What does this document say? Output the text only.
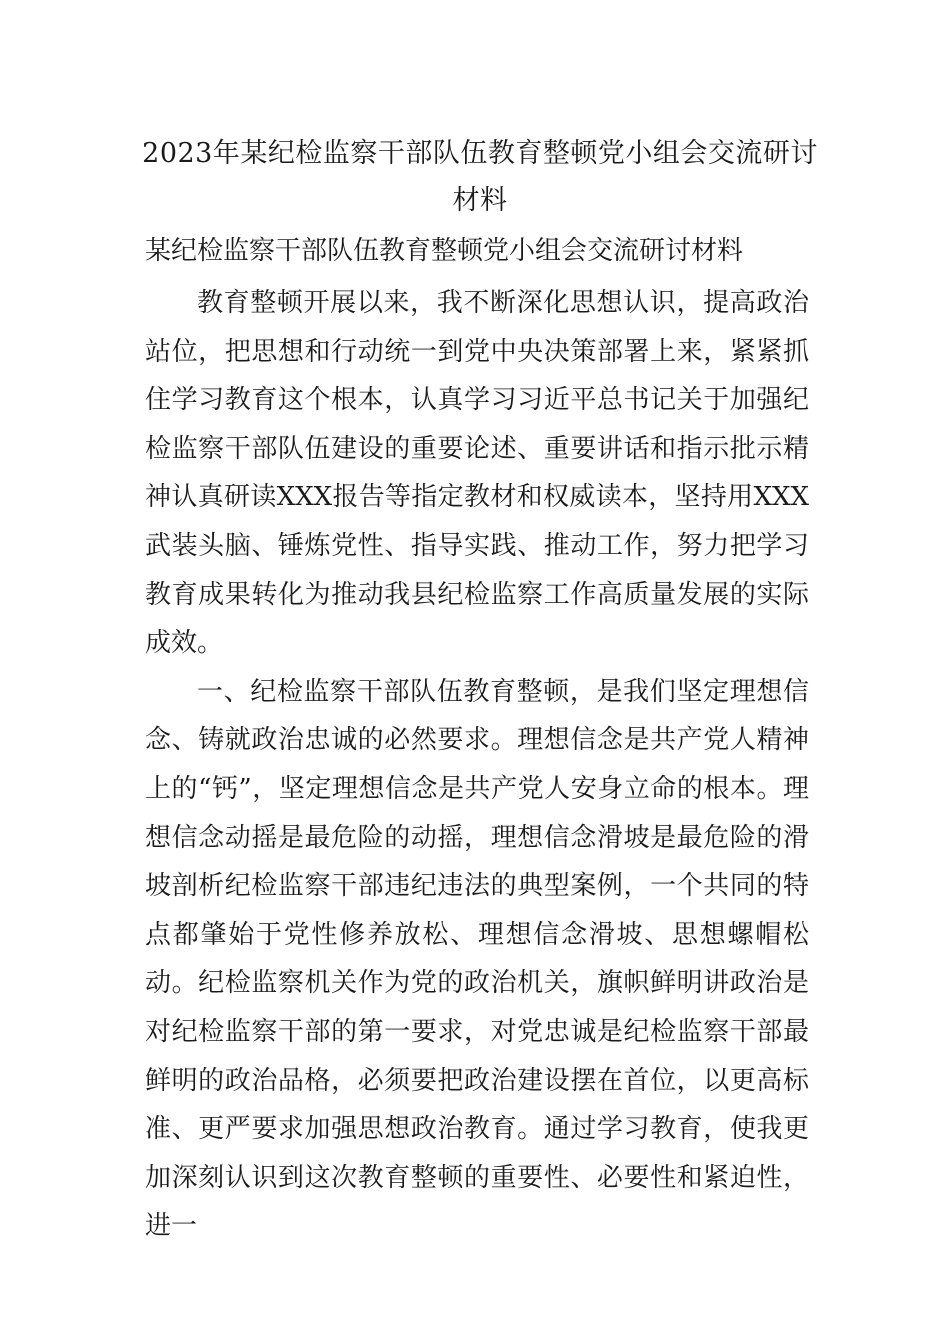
2023年某纪检监察干部队伍教育整顿党小组会交流研讨材料

某纪检监察干部队伍教育整顿党小组会交流研讨材料

教育整顿开展以来，我不断深化思想认识，提高政治站位，把思想和行动统一到党中央决策部署上来，紧紧抓住学习教育这个根本，认真学习习近平总书记关于加强纪检监察干部队伍建设的重要论述、重要讲话和指示批示精神认真研读XXX报告等指定教材和权威读本，坚持用XXX武装头脑、锤炼党性、指导实践、推动工作，努力把学习教育成果转化为推动我县纪检监察工作高质量发展的实际成效。

一、纪检监察干部队伍教育整顿，是我们坚定理想信念、铸就政治忠诚的必然要求。理想信念是共产党人精神上的“钙”，坚定理想信念是共产党人安身立命的根本。理想信念动摇是最危险的动摇，理想信念滑坡是最危险的滑坡剖析纪检监察干部违纪违法的典型案例，一个共同的特点都肇始于党性修养放松、理想信念滑坡、思想螺帽松动。纪检监察机关作为党的政治机关，旗帜鲜明讲政治是对纪检监察干部的第一要求，对党忠诚是纪检监察干部最鲜明的政治品格，必须要把政治建设摆在首位，以更高标准、更严要求加强思想政治教育。通过学习教育，使我更加深刻认识到这次教育整顿的重要性、必要性和紧迫性，进一
